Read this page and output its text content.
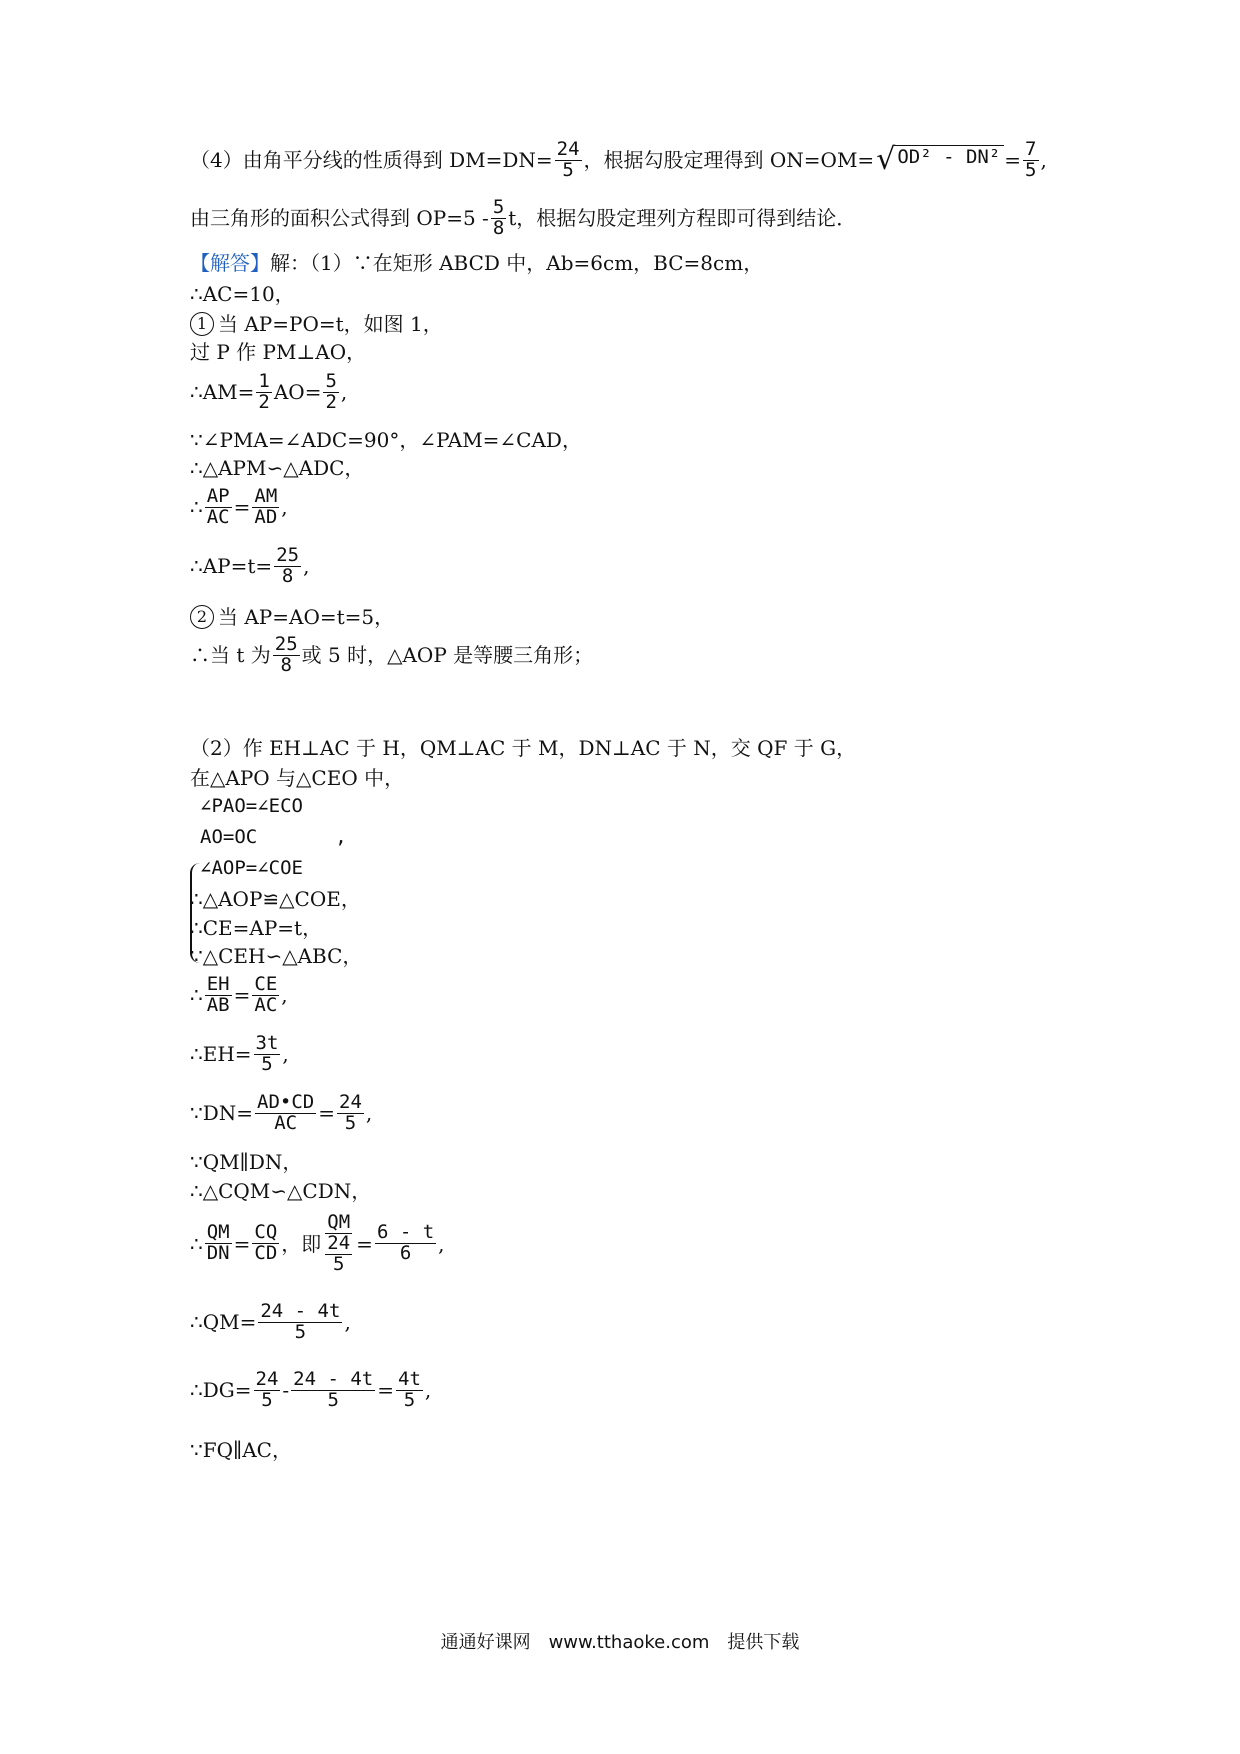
（4）由角平分线的性质得到 $DM=DN= \frac{24}{5}$ ，根据勾股定理得到 ON=OM= √ $OD^2 - DN^2 = \frac{7}{5}$ ,
由三角形的面积公式得到 $OP=5 - \frac{5}{8}$ t，根据勾股定理列方程即可得到结论．
【解答】 解：（1）∵在矩形 ABCD 中，Ab=6cm，BC=8cm，
∴AC=10，
1 当 AP=PO=t，如图 1，
过 P 作 PM⊥AO，
∴AM= $\frac{1}{2} AO= \frac{5}{2}$ ,
∵∠PMA=∠ADC=90°，∠PAM=∠CAD，
∴△APM∽△ADC，
∴ $\frac{AP}{AC} = \frac{AM}{AD}$ ,
∴AP=t= $\frac{25}{8}$ ,
2 当 AP=AO=t=5，
∴当 t 为 $\frac{25}{8}$ 或 5 时，△AOP 是等腰三角形；
（2）作 EH⊥AC 于 H，QM⊥AC 于 M，DN⊥AC 于 N，交 QF 于 G，
在△APO 与△CEO 中，
∠PAO=∠ECO
AO=OC	,
∠AOP=∠COE
∴△AOP≌△COE，
∴CE=AP=t，
∵△CEH∽△ABC，
∴ $\frac{EH}{AB} = \frac{CE}{AC}$ ,
∴EH= $\frac{3t}{5}$ ,
∵DN= $\frac{AD•CD}{AC} = \frac{24}{5}$ ,
∵QM∥DN，
∴△CQM∽△CDN，
∴ $\frac{QM}{DN} = \frac{CQ}{CD}$ ，即 QM
24
$5 = \frac{6 - t}{6}$ ,
∴QM= $\frac{24 - 4t}{5}$ ,
∴DG= $\frac{24}{5} - \frac{24 - 4t}{5} = \frac{4t}{5}$ ,
∵FQ∥AC，
通通好课网　www.tthaoke.com　提供下载
